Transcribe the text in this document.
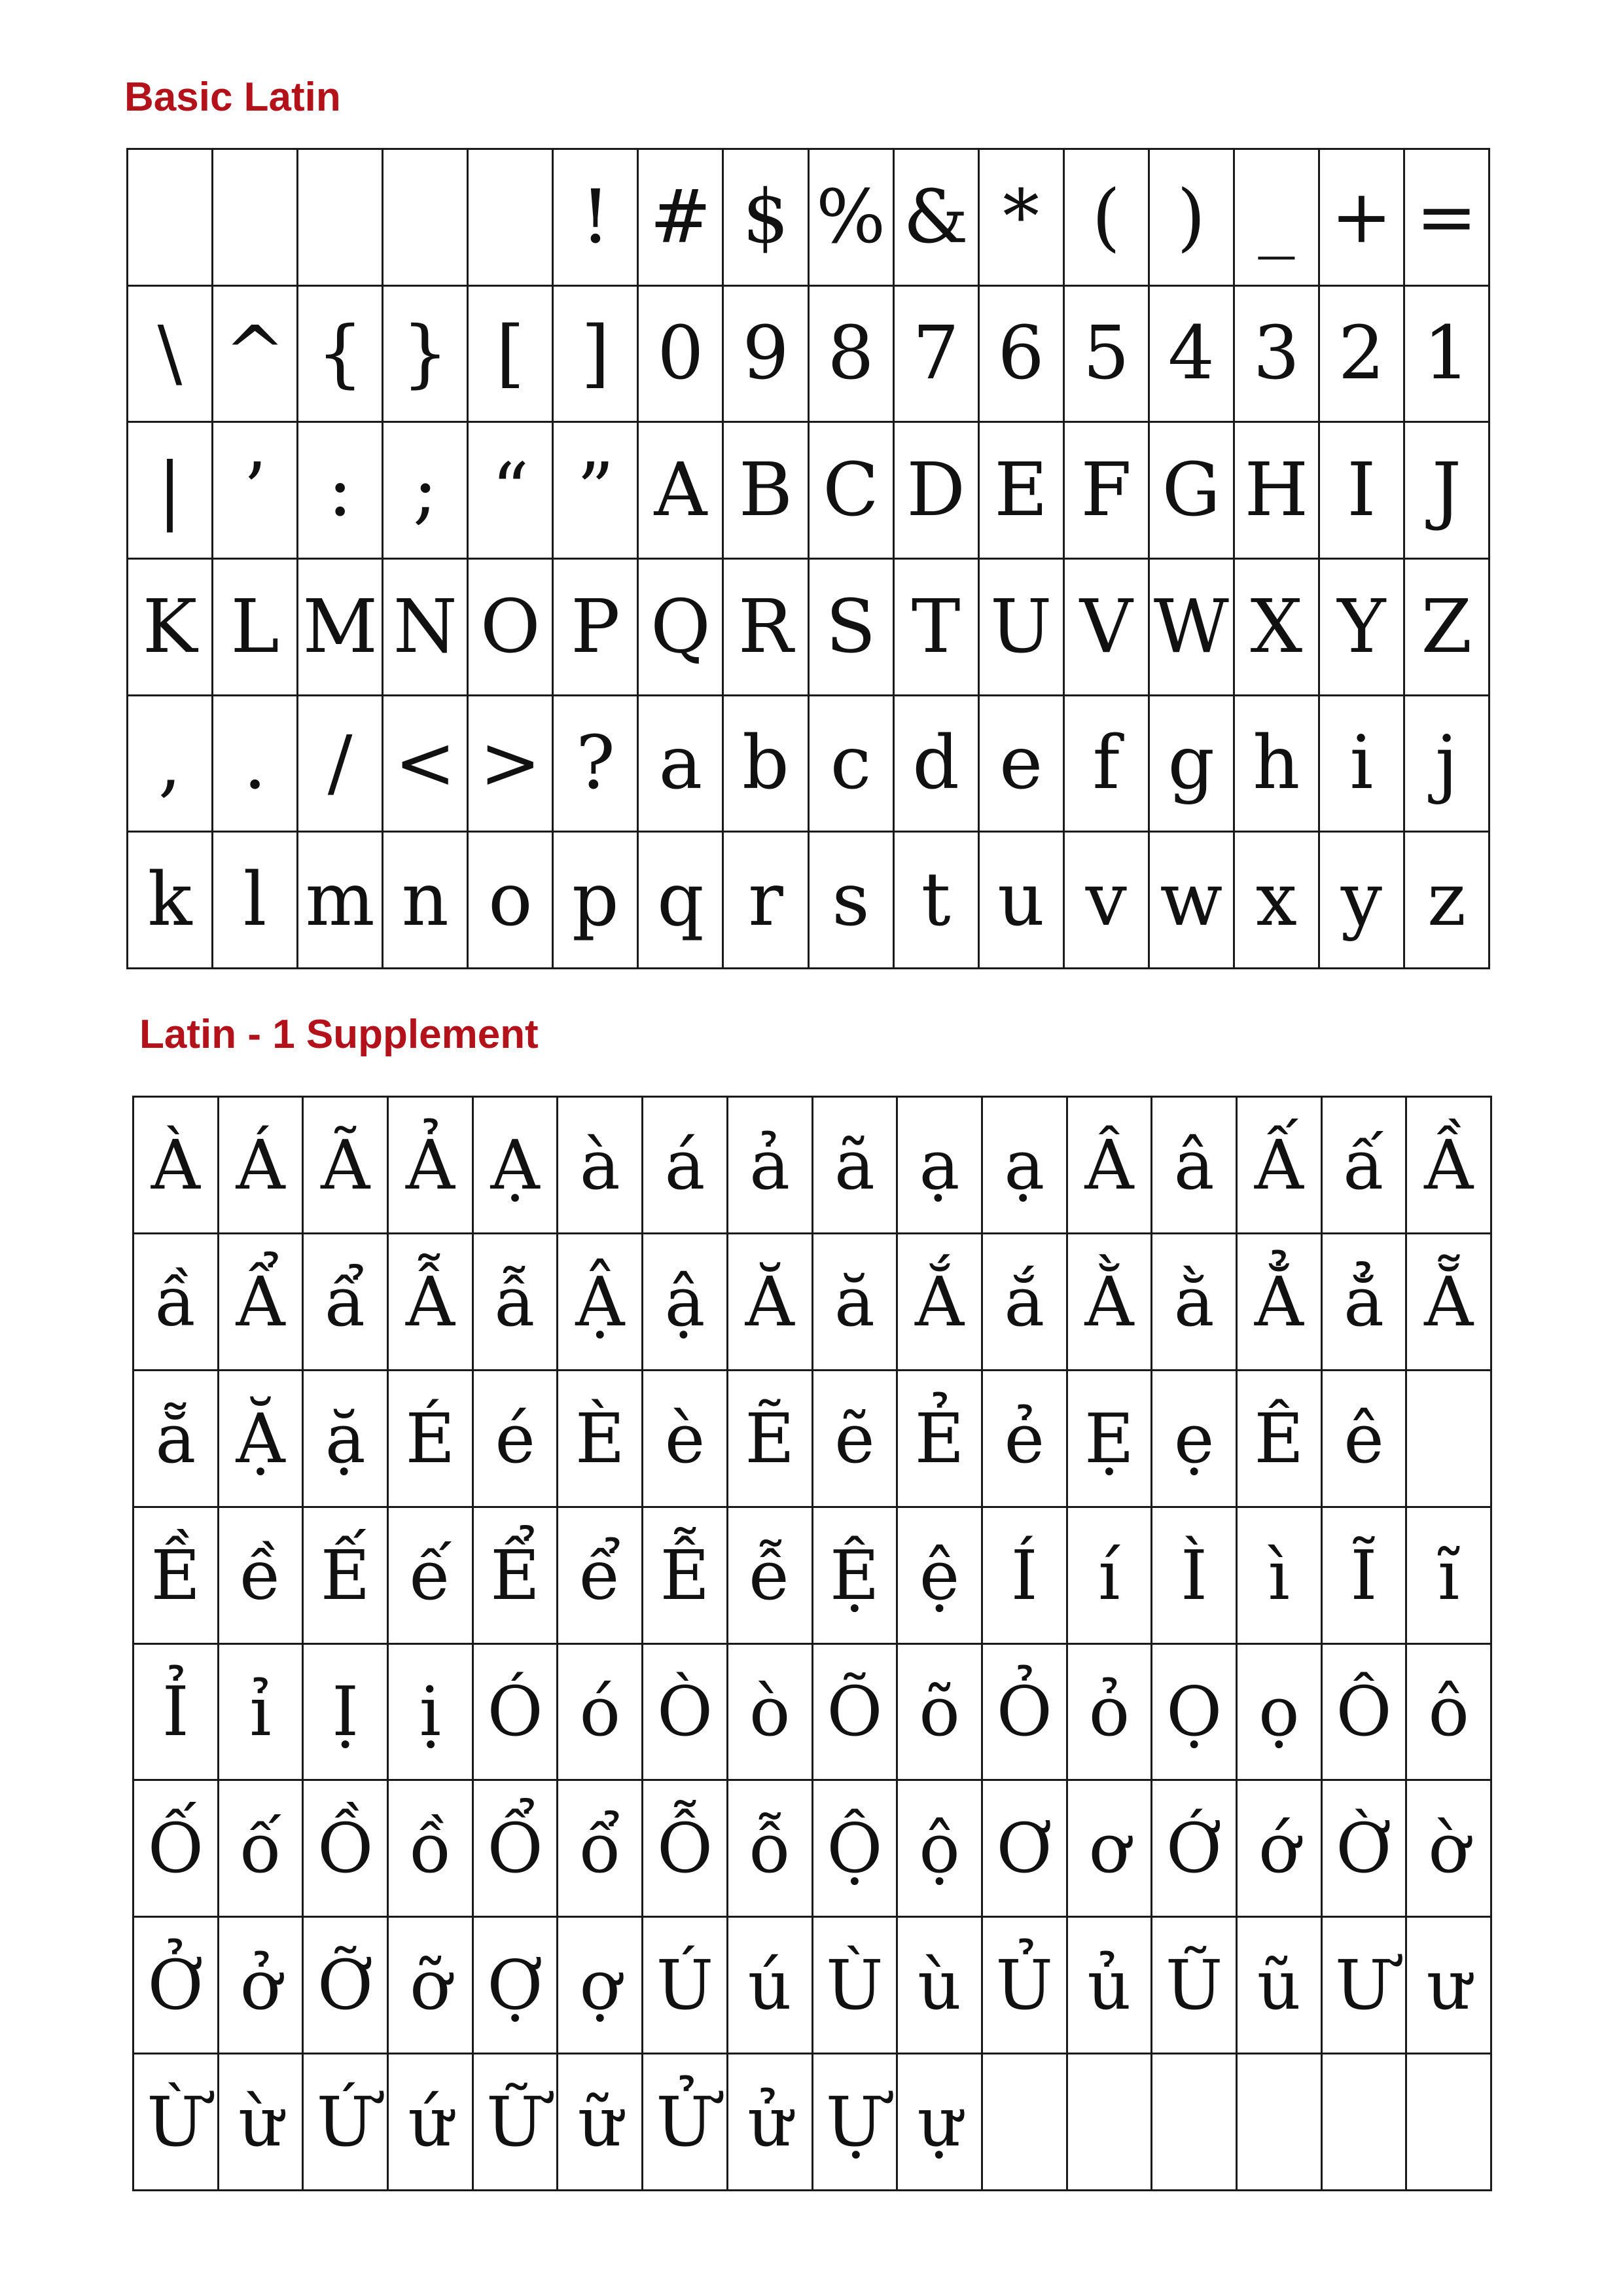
Basic Latin
! # $ % & * ( ) _ + =
\ ^ { } [ ] 0 9 8 7 6 5 4 3 2 1
| ’ : ; “ ” A B C D E F G H I J
K L M N O P Q R S T U V W X Y Z
, . / < > ? a b c d e f g h i j
k l m n o p q r s t u v w x y z
Latin - 1 Supplement
À Á Ã Ả Ạ à á ả ã ạ ạ Â â Ấ ấ Ầ
ầ Ẩ ẩ Ẫ ẫ Ậ ậ Ă ă Ắ ắ Ằ ằ Ẳ ẳ Ẵ
ẵ Ặ ặ É é È è Ẽ ẽ Ẻ ẻ Ẹ ẹ Ê ê
Ề ề Ế ế Ể ể Ễ ễ Ệ ệ Í í Ì ì Ĩ ĩ
Ỉ ỉ Ị ị Ó ó Ò ò Õ õ Ỏ ỏ Ọ ọ Ô ô
Ố ố Ồ ồ Ổ ổ Ỗ ỗ Ộ ộ Ơ ơ Ớ ớ Ờ ờ
Ở ở Ỡ ỡ Ợ ợ Ú ú Ù ù Ủ ủ Ũ ũ Ư ư
Ừ ừ Ứ ứ Ữ ữ Ử ử Ự ự
